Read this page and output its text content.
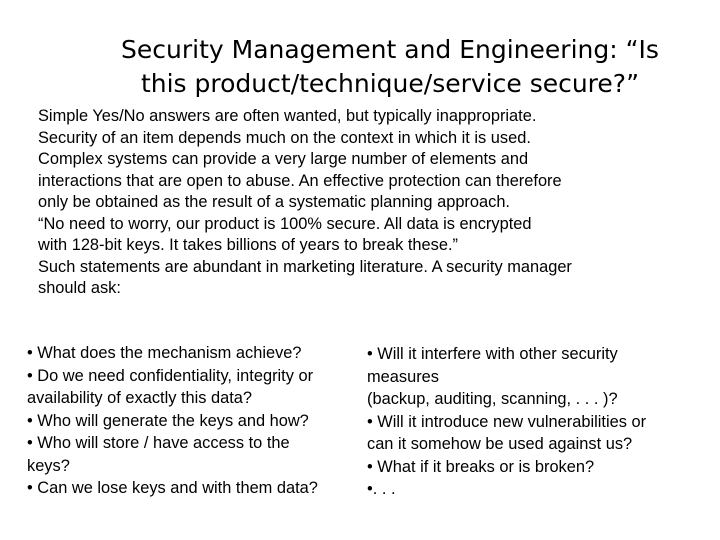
Security Management and Engineering: “Is
this product/technique/service secure?”
Simple Yes/No answers are often wanted, but typically inappropriate.
Security of an item depends much on the context in which it is used.
Complex systems can provide a very large number of elements and
interactions that are open to abuse. An effective protection can therefore
only be obtained as the result of a systematic planning approach.
“No need to worry, our product is 100% secure. All data is encrypted
with 128-bit keys. It takes billions of years to break these.”
Such statements are abundant in marketing literature. A security manager
should ask:
• What does the mechanism achieve?
• Do we need confidentiality, integrity or
availability of exactly this data?
• Who will generate the keys and how?
• Who will store / have access to the
keys?
• Can we lose keys and with them data?
• Will it interfere with other security
measures
(backup, auditing, scanning, . . . )?
• Will it introduce new vulnerabilities or
can it somehow be used against us?
• What if it breaks or is broken?
•. . .
